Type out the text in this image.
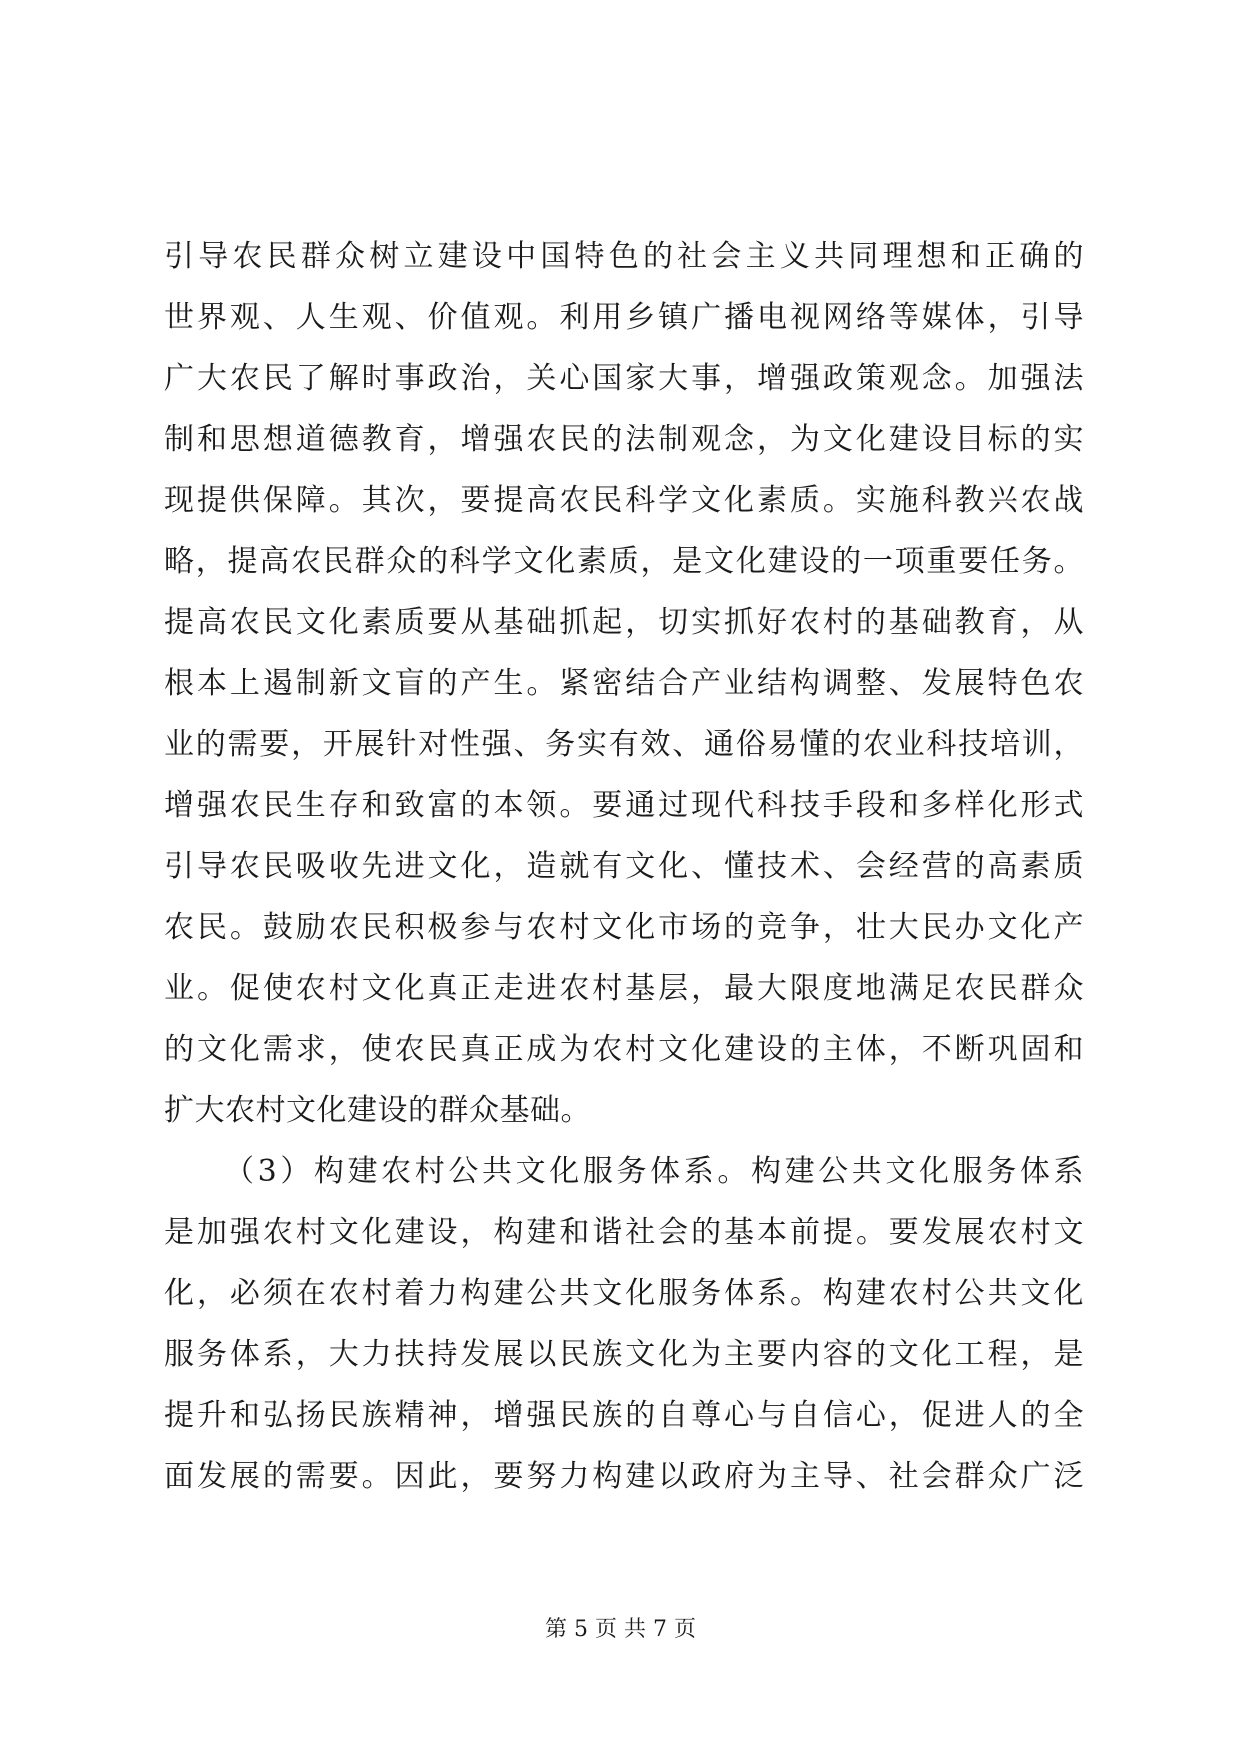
引导农民群众树立建设中国特色的社会主义共同理想和正确的
世界观、人生观、价值观。利用乡镇广播电视网络等媒体，引导
广大农民了解时事政治，关心国家大事，增强政策观念。加强法
制和思想道德教育，增强农民的法制观念，为文化建设目标的实
现提供保障。其次，要提高农民科学文化素质。实施科教兴农战
略，提高农民群众的科学文化素质，是文化建设的一项重要任务。
提高农民文化素质要从基础抓起，切实抓好农村的基础教育，从
根本上遏制新文盲的产生。紧密结合产业结构调整、发展特色农
业的需要，开展针对性强、务实有效、通俗易懂的农业科技培训，
增强农民生存和致富的本领。要通过现代科技手段和多样化形式
引导农民吸收先进文化，造就有文化、懂技术、会经营的高素质
农民。鼓励农民积极参与农村文化市场的竞争，壮大民办文化产
业。促使农村文化真正走进农村基层，最大限度地满足农民群众
的文化需求，使农民真正成为农村文化建设的主体，不断巩固和
扩大农村文化建设的群众基础。
（3）构建农村公共文化服务体系。构建公共文化服务体系
是加强农村文化建设，构建和谐社会的基本前提。要发展农村文
化，必须在农村着力构建公共文化服务体系。构建农村公共文化
服务体系，大力扶持发展以民族文化为主要内容的文化工程，是
提升和弘扬民族精神，增强民族的自尊心与自信心，促进人的全
面发展的需要。因此，要努力构建以政府为主导、社会群众广泛
第 5 页 共 7 页
